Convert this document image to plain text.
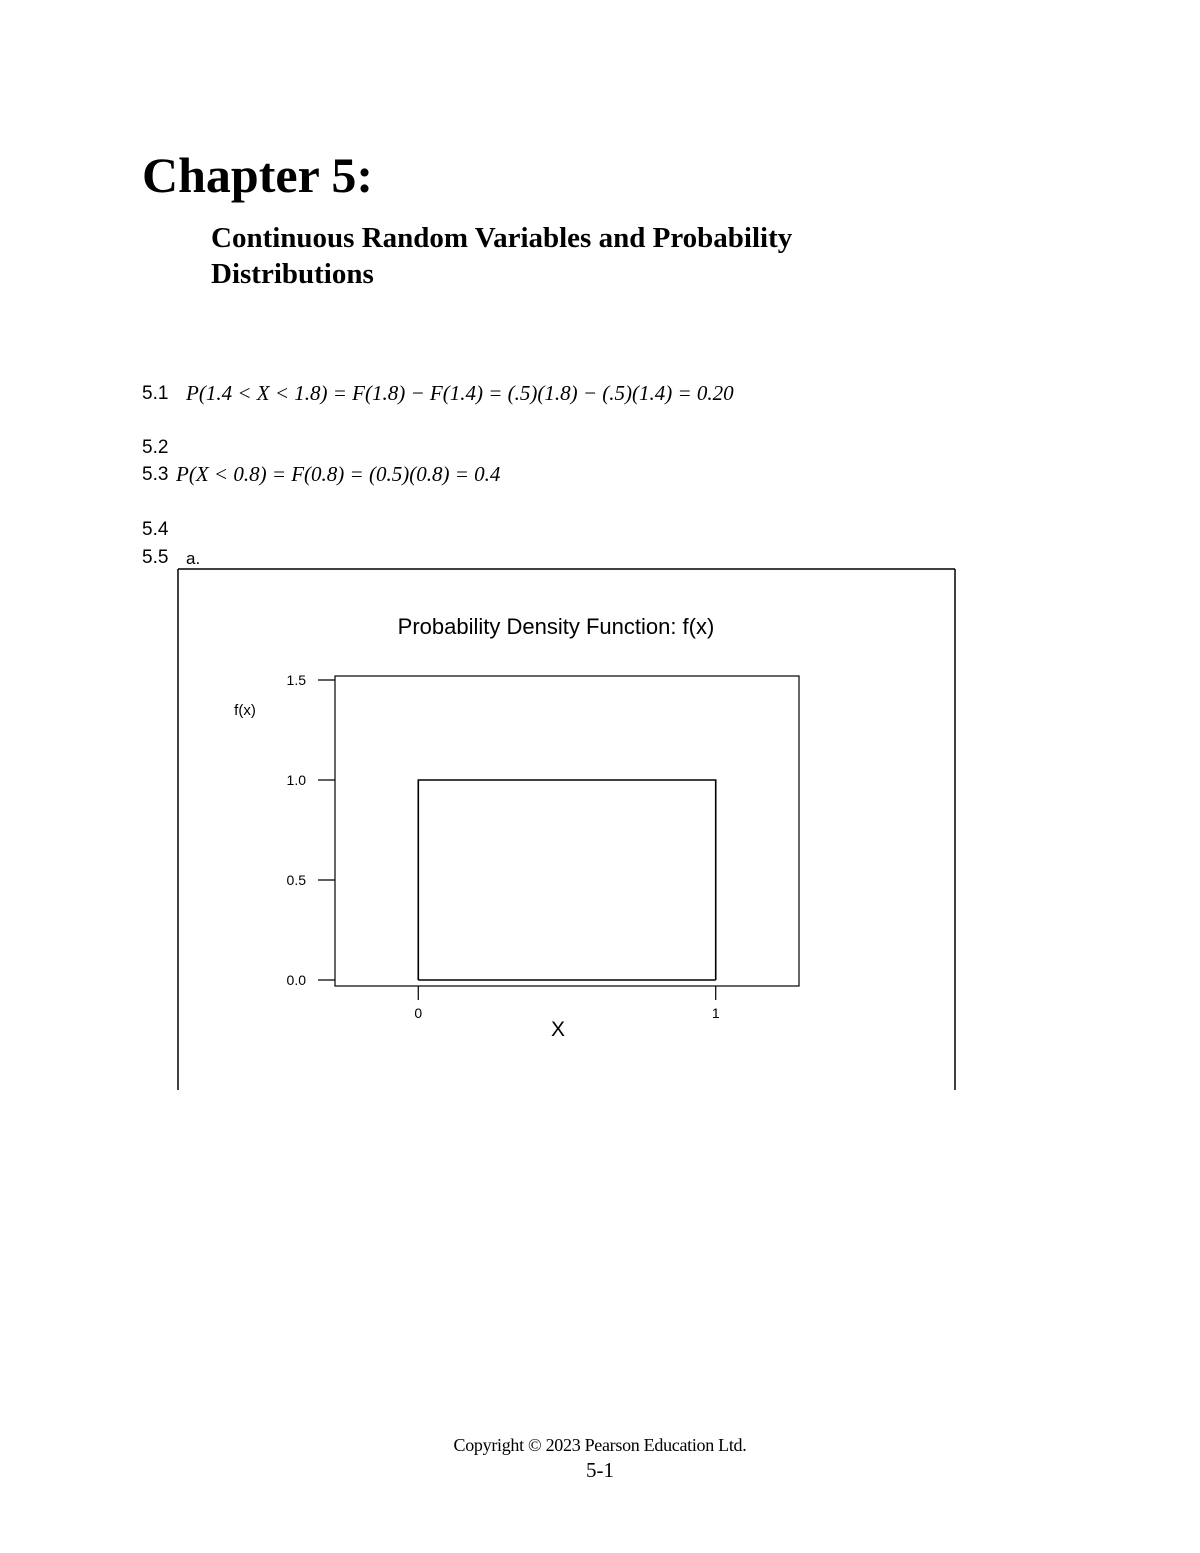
Chapter 5:
Continuous Random Variables and Probability
Distributions
5.1 P(1.4 < X < 1.8) = F(1.8) − F(1.4) = (.5)(1.8) − (.5)(1.4) = 0.20
5.2
5.3 P(X < 0.8) = F(0.8) = (0.5)(0.8) = 0.4
5.4
5.5 a.
Probability Density Function: f(x)
f(x)
X
0.0
0.5
1.0
1.5
0	1
Copyright © 2023 Pearson Education Ltd.
5-1
